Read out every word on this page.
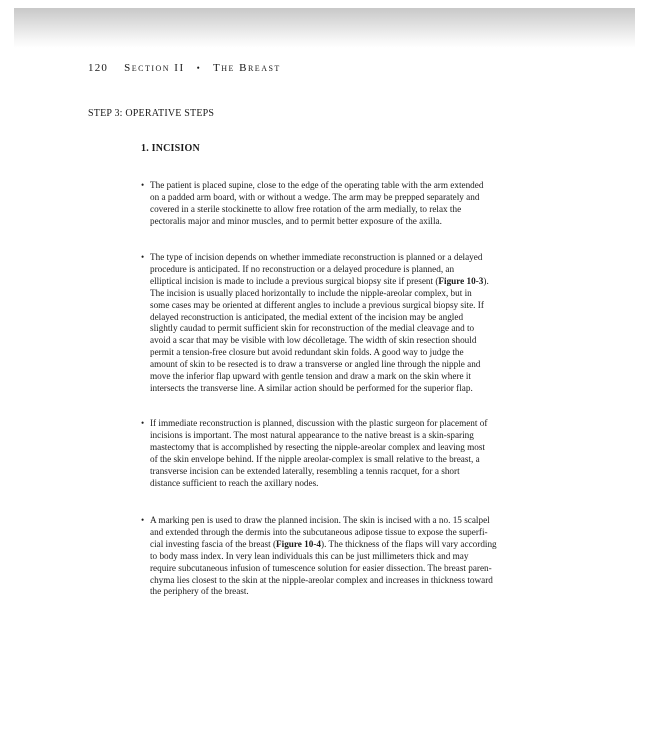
120 Section II • The Breast
STEP 3: OPERATIVE STEPS
1. INCISION
• The patient is placed supine, close to the edge of the operating table with the arm extended
on a padded arm board, with or without a wedge. The arm may be prepped separately and
covered in a sterile stockinette to allow free rotation of the arm medially, to relax the
pectoralis major and minor muscles, and to permit better exposure of the axilla.
• The type of incision depends on whether immediate reconstruction is planned or a delayed
procedure is anticipated. If no reconstruction or a delayed procedure is planned, an
elliptical incision is made to include a previous surgical biopsy site if present (Figure 10-3).
The incision is usually placed horizontally to include the nipple-areolar complex, but in
some cases may be oriented at different angles to include a previous surgical biopsy site. If
delayed reconstruction is anticipated, the medial extent of the incision may be angled
slightly caudad to permit sufficient skin for reconstruction of the medial cleavage and to
avoid a scar that may be visible with low décolletage. The width of skin resection should
permit a tension-free closure but avoid redundant skin folds. A good way to judge the
amount of skin to be resected is to draw a transverse or angled line through the nipple and
move the inferior flap upward with gentle tension and draw a mark on the skin where it
intersects the transverse line. A similar action should be performed for the superior flap.
• If immediate reconstruction is planned, discussion with the plastic surgeon for placement of
incisions is important. The most natural appearance to the native breast is a skin-sparing
mastectomy that is accomplished by resecting the nipple-areolar complex and leaving most
of the skin envelope behind. If the nipple areolar-complex is small relative to the breast, a
transverse incision can be extended laterally, resembling a tennis racquet, for a short
distance sufficient to reach the axillary nodes.
• A marking pen is used to draw the planned incision. The skin is incised with a no. 15 scalpel
and extended through the dermis into the subcutaneous adipose tissue to expose the superfi-
cial investing fascia of the breast (Figure 10-4). The thickness of the flaps will vary according
to body mass index. In very lean individuals this can be just millimeters thick and may
require subcutaneous infusion of tumescence solution for easier dissection. The breast paren-
chyma lies closest to the skin at the nipple-areolar complex and increases in thickness toward
the periphery of the breast.
